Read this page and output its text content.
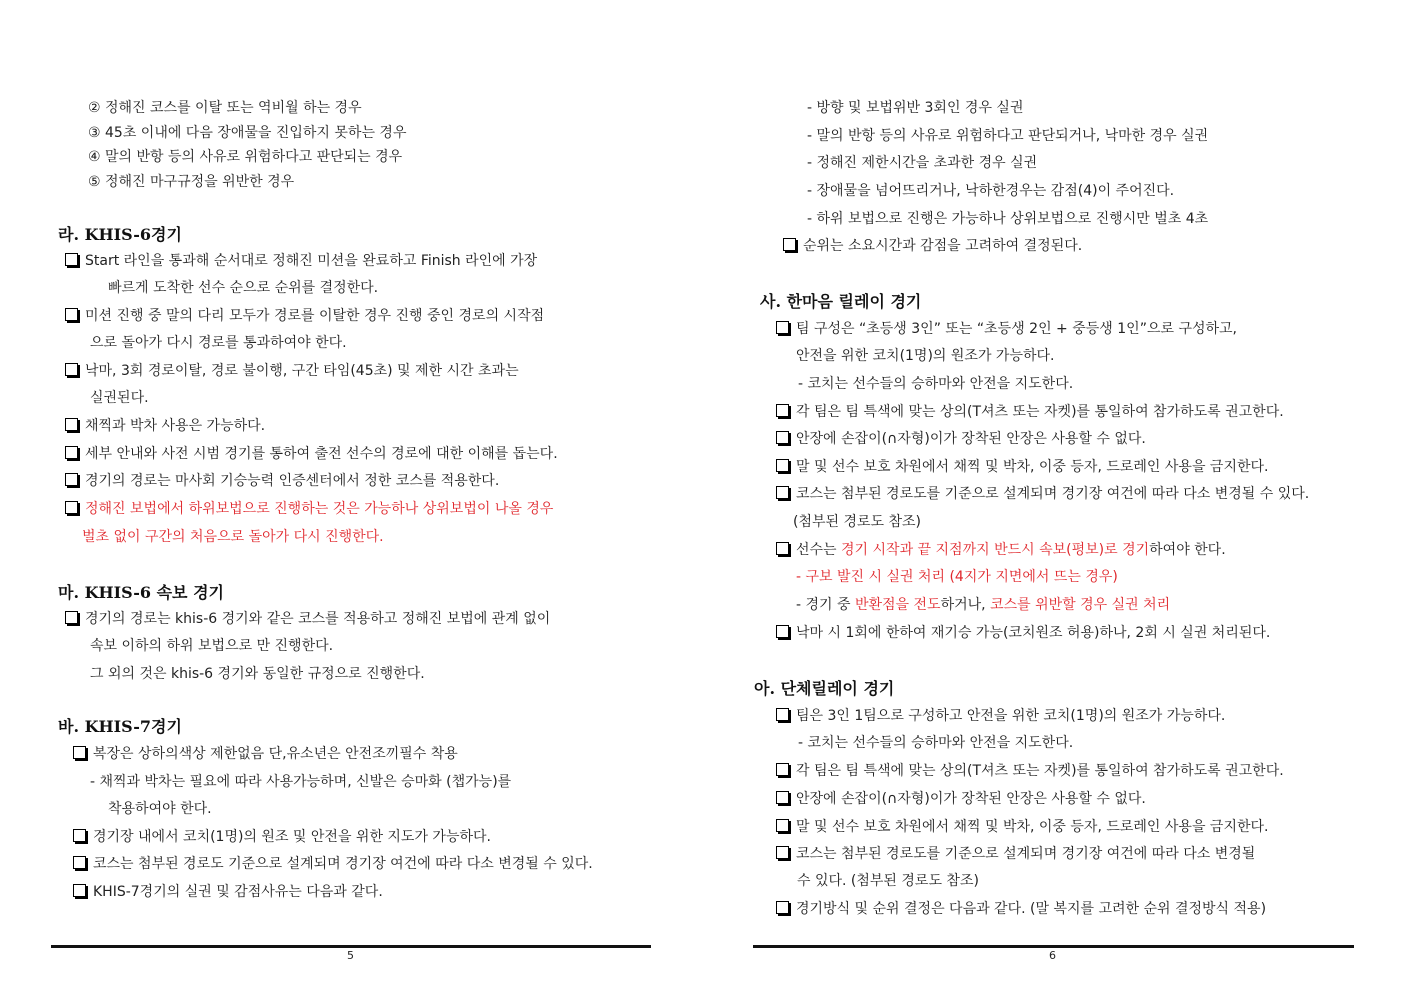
② 정해진 코스를 이탈 또는 역비월 하는 경우
③ 45초 이내에 다음 장애물을 진입하지 못하는 경우
④ 말의 반항 등의 사유로 위험하다고 판단되는 경우
⑤ 정해진 마구규정을 위반한 경우
라. KHIS-6경기
Start 라인을 통과해 순서대로 정해진 미션을 완료하고 Finish 라인에 가장
빠르게 도착한 선수 순으로 순위를 결정한다.
미션 진행 중 말의 다리 모두가 경로를 이탈한 경우 진행 중인 경로의 시작점
으로 돌아가 다시 경로를 통과하여야 한다.
낙마, 3회 경로이탈, 경로 불이행, 구간 타임(45초) 및 제한 시간 초과는
실권된다.
채찍과 박차 사용은 가능하다.
세부 안내와 사전 시범 경기를 통하여 출전 선수의 경로에 대한 이해를 돕는다.
경기의 경로는 마사회 기승능력 인증센터에서 정한 코스를 적용한다.
정해진 보법에서 하위보법으로 진행하는 것은 가능하나 상위보법이 나올 경우
벌초 없이 구간의 처음으로 돌아가 다시 진행한다.
마. KHIS-6 속보 경기
경기의 경로는 khis-6 경기와 같은 코스를 적용하고 정해진 보법에 관계 없이
속보 이하의 하위 보법으로 만 진행한다.
그 외의 것은 khis-6 경기와 동일한 규정으로 진행한다.
바. KHIS-7경기
복장은 상하의색상 제한없음 단,유소년은 안전조끼필수 착용
- 채찍과 박차는 필요에 따라 사용가능하며, 신발은 승마화 (챕가능)를
착용하여야 한다.
경기장 내에서 코치(1명)의 원조 및 안전을 위한 지도가 가능하다.
코스는 첨부된 경로도 기준으로 설계되며 경기장 여건에 따라 다소 변경될 수 있다.
KHIS-7경기의 실권 및 감점사유는 다음과 같다.
5
- 방향 및 보법위반 3회인 경우 실권
- 말의 반항 등의 사유로 위험하다고 판단되거나, 낙마한 경우 실권
- 정해진 제한시간을 초과한 경우 실권
- 장애물을 넘어뜨리거나, 낙하한경우는 감점(4)이 주어진다.
- 하위 보법으로 진행은 가능하나 상위보법으로 진행시만 벌초 4초
순위는 소요시간과 감점을 고려하여 결정된다.
사. 한마음 릴레이 경기
팀 구성은 “초등생 3인” 또는 “초등생 2인 + 중등생 1인”으로 구성하고,
안전을 위한 코치(1명)의 원조가 가능하다.
- 코치는 선수들의 승하마와 안전을 지도한다.
각 팀은 팀 특색에 맞는 상의(T셔츠 또는 자켓)를 통일하여 참가하도록 권고한다.
안장에 손잡이(∩자형)이가 장착된 안장은 사용할 수 없다.
말 및 선수 보호 차원에서 채찍 및 박차, 이중 등자, 드로레인 사용을 금지한다.
코스는 첨부된 경로도를 기준으로 설계되며 경기장 여건에 따라 다소 변경될 수 있다.
(첨부된 경로도 참조)
선수는 경기 시작과 끝 지점까지 반드시 속보(평보)로 경기하여야 한다.
- 구보 발진 시 실권 처리 (4지가 지면에서 뜨는 경우)
- 경기 중 반환점을 전도하거나, 코스를 위반할 경우 실권 처리
낙마 시 1회에 한하여 재기승 가능(코치원조 허용)하나, 2회 시 실권 처리된다.
아. 단체릴레이 경기
팀은 3인 1팀으로 구성하고 안전을 위한 코치(1명)의 원조가 가능하다.
- 코치는 선수들의 승하마와 안전을 지도한다.
각 팀은 팀 특색에 맞는 상의(T셔츠 또는 자켓)를 통일하여 참가하도록 권고한다.
안장에 손잡이(∩자형)이가 장착된 안장은 사용할 수 없다.
말 및 선수 보호 차원에서 채찍 및 박차, 이중 등자, 드로레인 사용을 금지한다.
코스는 첨부된 경로도를 기준으로 설계되며 경기장 여건에 따라 다소 변경될
수 있다. (첨부된 경로도 참조)
경기방식 및 순위 결정은 다음과 같다. (말 복지를 고려한 순위 결정방식 적용)
6
